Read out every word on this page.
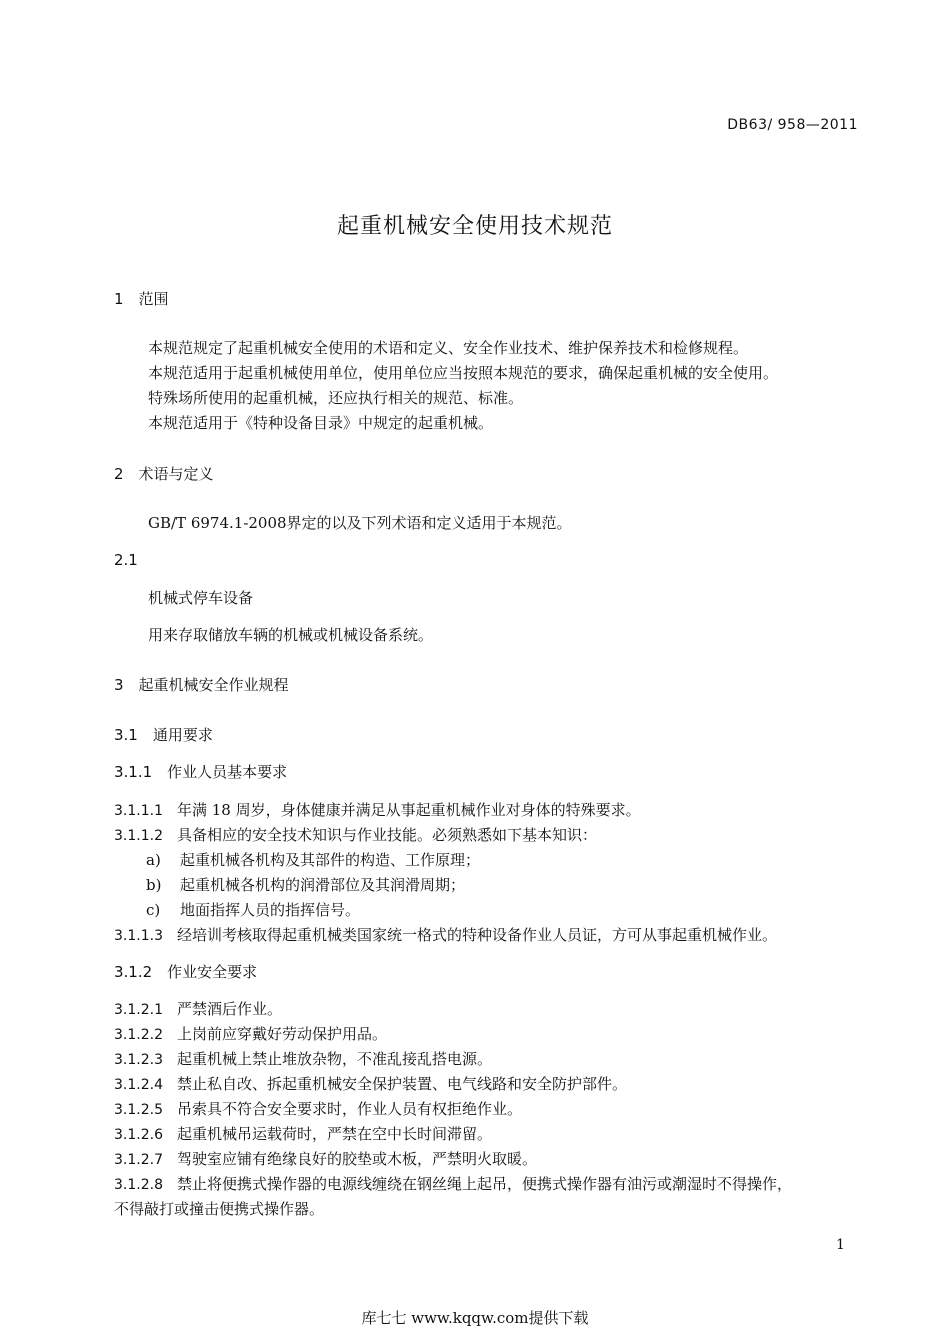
DB63/ 958—2011
起重机械安全使用技术规范
1　范围
本规范规定了起重机械安全使用的术语和定义、安全作业技术、维护保养技术和检修规程。
本规范适用于起重机械使用单位，使用单位应当按照本规范的要求，确保起重机械的安全使用。
特殊场所使用的起重机械，还应执行相关的规范、标准。
本规范适用于《特种设备目录》中规定的起重机械。
2　术语与定义
GB/T 6974.1-2008界定的以及下列术语和定义适用于本规范。
2.1
机械式停车设备
用来存取储放车辆的机械或机械设备系统。
3　起重机械安全作业规程
3.1　通用要求
3.1.1　作业人员基本要求
3.1.1.1 年满 18 周岁，身体健康并满足从事起重机械作业对身体的特殊要求。
3.1.1.2 具备相应的安全技术知识与作业技能。必须熟悉如下基本知识：
a) 起重机械各机构及其部件的构造、工作原理；
b) 起重机械各机构的润滑部位及其润滑周期；
c) 地面指挥人员的指挥信号。
3.1.1.3 经培训考核取得起重机械类国家统一格式的特种设备作业人员证，方可从事起重机械作业。
3.1.2　作业安全要求
3.1.2.1 严禁酒后作业。
3.1.2.2 上岗前应穿戴好劳动保护用品。
3.1.2.3 起重机械上禁止堆放杂物，不准乱接乱搭电源。
3.1.2.4 禁止私自改、拆起重机械安全保护装置、电气线路和安全防护部件。
3.1.2.5 吊索具不符合安全要求时，作业人员有权拒绝作业。
3.1.2.6 起重机械吊运载荷时，严禁在空中长时间滞留。
3.1.2.7 驾驶室应铺有绝缘良好的胶垫或木板，严禁明火取暖。
3.1.2.8 禁止将便携式操作器的电源线缠绕在钢丝绳上起吊，便携式操作器有油污或潮湿时不得操作，
不得敲打或撞击便携式操作器。
1
库七七 www.kqqw.com提供下载
